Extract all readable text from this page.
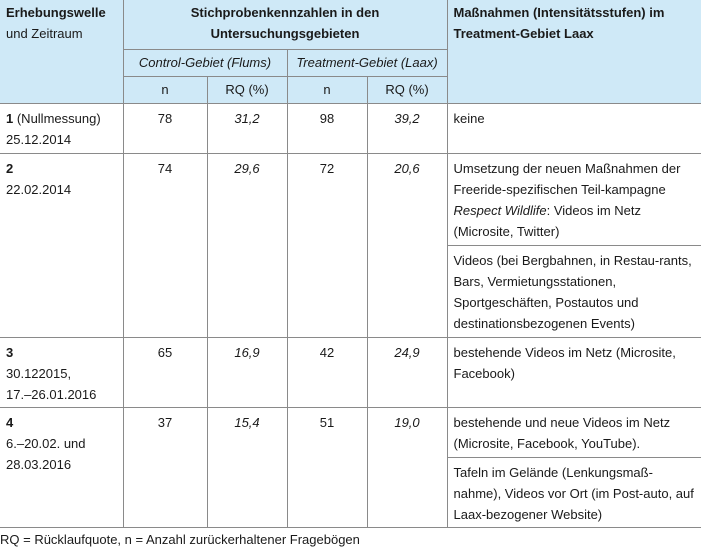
Erhebungswelle
und Zeitraum	Stichprobenkennzahlen in den Untersuchungsgebieten				Maßnahmen (Intensitätsstufen) im Treatment-Gebiet Laax

	Control-Gebiet (Flums)		Treatment-Gebiet (Laax)		
	n	RQ (%)	n	RQ (%)	
1 (Nullmessung)
25.12.2014	78	31,2	98	39,2	keine
2
22.02.2014	74	29,6	72	20,6	Umsetzung der neuen Maßnahmen der Freeride-spezifischen Teil-kampagne Respect Wildlife: Videos im Netz (Microsite, Twitter)
					Videos (bei Bergbahnen, in Restau-rants, Bars, Vermietungsstationen, Sportgeschäften, Postautos und destinationsbezogenen Events)
3
30.122015,
17.–26.01.2016	65	16,9	42	24,9	bestehende Videos im Netz (Microsite, Facebook)
4
6.–20.02. und
28.03.2016	37	15,4	51	19,0	bestehende und neue Videos im Netz (Microsite, Facebook, YouTube).
					Tafeln im Gelände (Lenkungsmaß-nahme), Videos vor Ort (im Post-auto, auf Laax-bezogener Website)
RQ = Rücklaufquote, n = Anzahl zurückerhaltener Fragebögen
